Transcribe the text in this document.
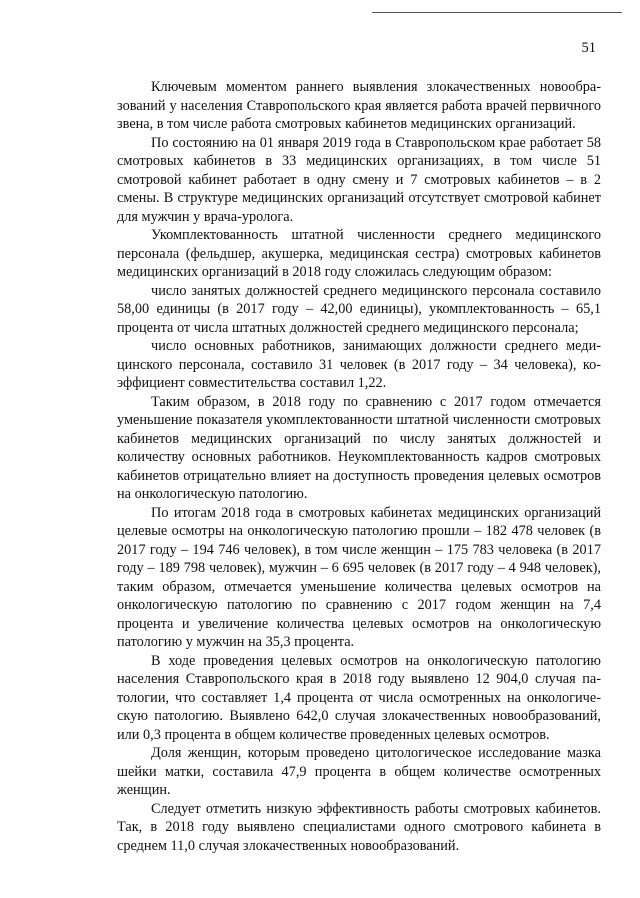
51

Ключевым моментом раннего выявления злокачественных новообразований у населения Ставропольского края является работа врачей первичного звена, в том числе работа смотровых кабинетов медицинских организаций.

По состоянию на 01 января 2019 года в Ставропольском крае работает 58 смотровых кабинетов в 33 медицинских организациях, в том числе 51 смотровой кабинет работает в одну смену и 7 смотровых кабинетов – в 2 смены. В структуре медицинских организаций отсутствует смотровой кабинет для мужчин у врача-уролога.

Укомплектованность штатной численности среднего медицинского персонала (фельдшер, акушерка, медицинская сестра) смотровых кабинетов медицинских организаций в 2018 году сложилась следующим образом:

число занятых должностей среднего медицинского персонала составило 58,00 единицы (в 2017 году – 42,00 единицы), укомплектованность – 65,1 процента от числа штатных должностей среднего медицинского персонала;

число основных работников, занимающих должности среднего медицинского персонала, составило 31 человек (в 2017 году – 34 человека), коэффициент совместительства составил 1,22.

Таким образом, в 2018 году по сравнению с 2017 годом отмечается уменьшение показателя укомплектованности штатной численности смотровых кабинетов медицинских организаций по числу занятых должностей и количеству основных работников. Неукомплектованность кадров смотровых кабинетов отрицательно влияет на доступность проведения целевых осмотров на онкологическую патологию.

По итогам 2018 года в смотровых кабинетах медицинских организаций целевые осмотры на онкологическую патологию прошли – 182 478 человек (в 2017 году – 194 746 человек), в том числе женщин – 175 783 человека (в 2017 году – 189 798 человек), мужчин – 6 695 человек (в 2017 году – 4 948 человек), таким образом, отмечается уменьшение количества целевых осмотров на онкологическую патологию по сравнению с 2017 годом женщин на 7,4 процента и увеличение количества целевых осмотров на онкологическую патологию у мужчин на 35,3 процента.

В ходе проведения целевых осмотров на онкологическую патологию населения Ставропольского края в 2018 году выявлено 12 904,0 случая патологии, что составляет 1,4 процента от числа осмотренных на онкологическую патологию. Выявлено 642,0 случая злокачественных новообразований, или 0,3 процента в общем количестве проведенных целевых осмотров.

Доля женщин, которым проведено цитологическое исследование мазка шейки матки, составила 47,9 процента в общем количестве осмотренных женщин.

Следует отметить низкую эффективность работы смотровых кабинетов. Так, в 2018 году выявлено специалистами одного смотрового кабинета в среднем 11,0 случая злокачественных новообразований.
